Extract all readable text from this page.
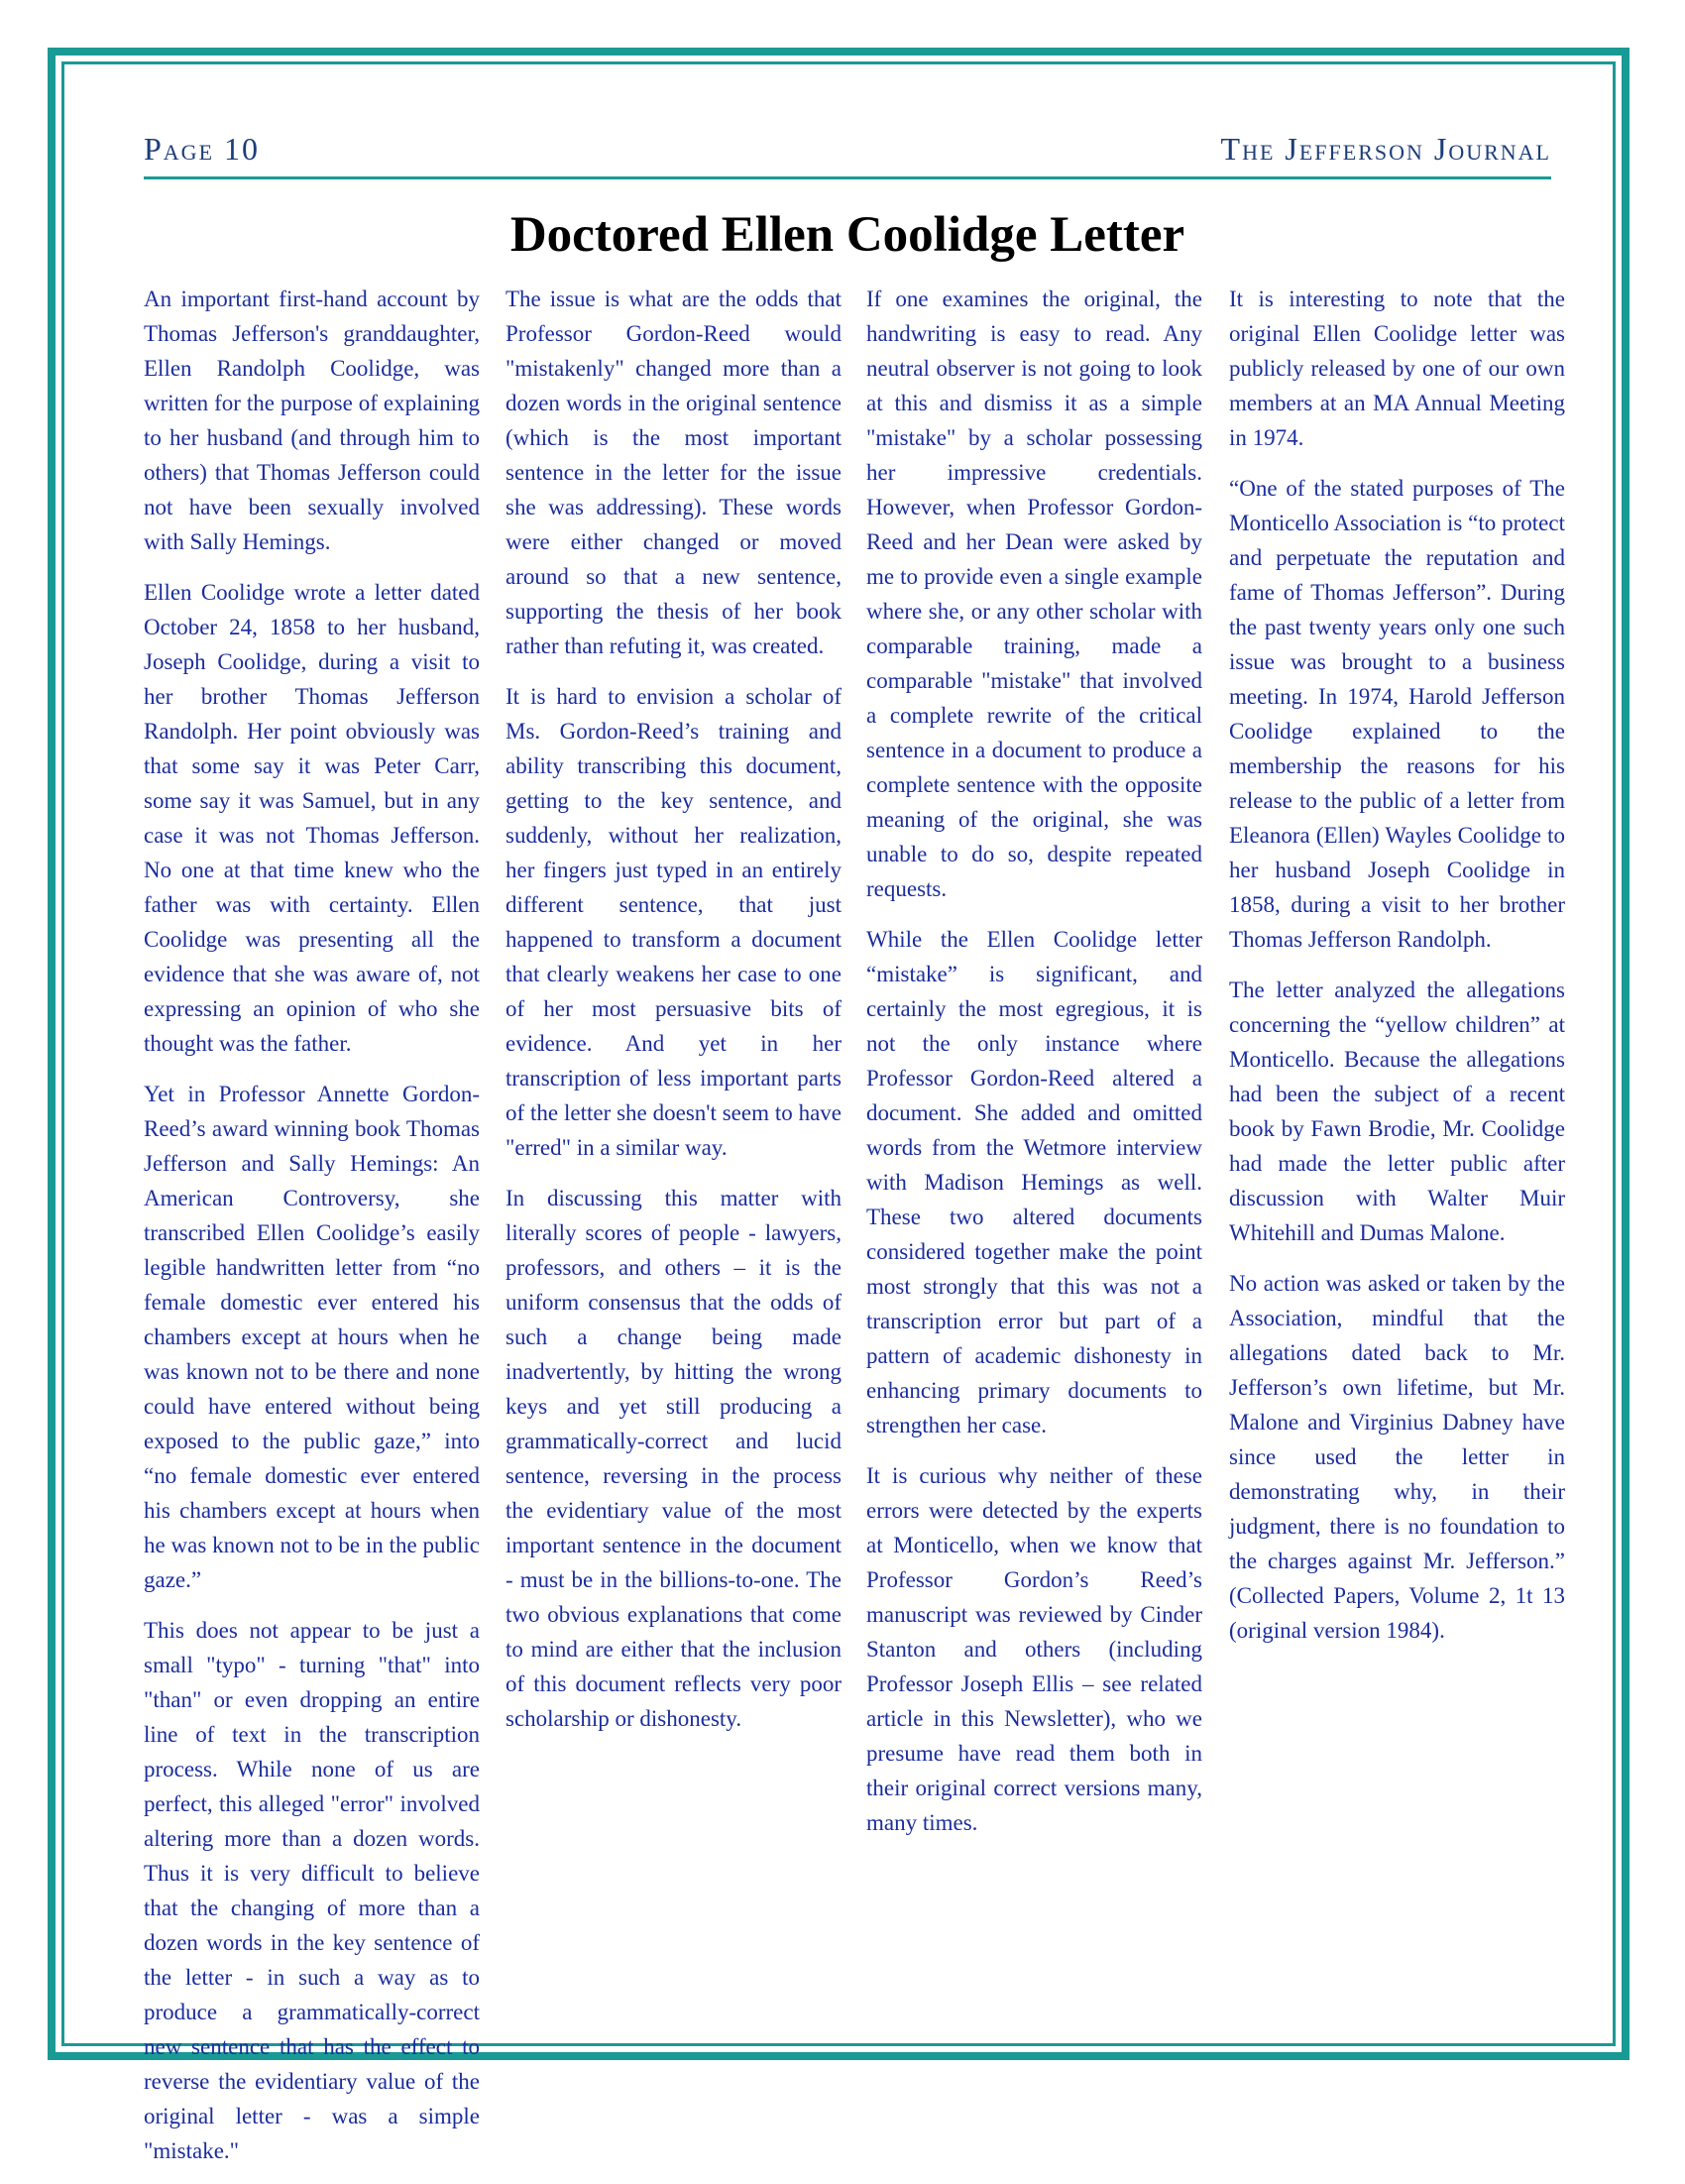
Page 10	The Jefferson Journal
Doctored Ellen Coolidge Letter

An important first-hand account by Thomas Jefferson's granddaughter, Ellen Randolph Coolidge, was written for the purpose of explaining to her husband (and through him to others) that Thomas Jefferson could not have been sexually involved with Sally Hemings.

Ellen Coolidge wrote a letter dated October 24, 1858 to her husband, Joseph Coolidge, during a visit to her brother Thomas Jefferson Randolph. Her point obviously was that some say it was Peter Carr, some say it was Samuel, but in any case it was not Thomas Jefferson. No one at that time knew who the father was with certainty. Ellen Coolidge was presenting all the evidence that she was aware of, not expressing an opinion of who she thought was the father.

Yet in Professor Annette Gordon-Reed’s award winning book Thomas Jefferson and Sally Hemings: An American Controversy, she transcribed Ellen Coolidge’s easily legible handwritten letter from “no female domestic ever entered his chambers except at hours when he was known not to be there and none could have entered without being exposed to the public gaze,” into “no female domestic ever entered his chambers except at hours when he was known not to be in the public gaze.”

This does not appear to be just a small "typo" - turning "that" into "than" or even dropping an entire line of text in the transcription process. While none of us are perfect, this alleged "error" involved altering more than a dozen words. Thus it is very difficult to believe that the changing of more than a dozen words in the key sentence of the letter - in such a way as to produce a grammatically-correct new sentence that has the effect to reverse the evidentiary value of the original letter - was a simple "mistake."

The issue is what are the odds that Professor Gordon-Reed would "mistakenly" changed more than a dozen words in the original sentence (which is the most important sentence in the letter for the issue she was addressing). These words were either changed or moved around so that a new sentence, supporting the thesis of her book rather than refuting it, was created.

It is hard to envision a scholar of Ms. Gordon-Reed’s training and ability transcribing this document, getting to the key sentence, and suddenly, without her realization, her fingers just typed in an entirely different sentence, that just happened to transform a document that clearly weakens her case to one of her most persuasive bits of evidence. And yet in her transcription of less important parts of the letter she doesn't seem to have "erred" in a similar way.

In discussing this matter with literally scores of people - lawyers, professors, and others – it is the uniform consensus that the odds of such a change being made inadvertently, by hitting the wrong keys and yet still producing a grammatically-correct and lucid sentence, reversing in the process the evidentiary value of the most important sentence in the document - must be in the billions-to-one. The two obvious explanations that come to mind are either that the inclusion of this document reflects very poor scholarship or dishonesty.

If one examines the original, the handwriting is easy to read. Any neutral observer is not going to look at this and dismiss it as a simple "mistake" by a scholar possessing her impressive credentials. However, when Professor Gordon-Reed and her Dean were asked by me to provide even a single example where she, or any other scholar with comparable training, made a comparable "mistake" that involved a complete rewrite of the critical sentence in a document to produce a complete sentence with the opposite meaning of the original, she was unable to do so, despite repeated requests.

While the Ellen Coolidge letter “mistake” is significant, and certainly the most egregious, it is not the only instance where Professor Gordon-Reed altered a document. She added and omitted words from the Wetmore interview with Madison Hemings as well. These two altered documents considered together make the point most strongly that this was not a transcription error but part of a pattern of academic dishonesty in enhancing primary documents to strengthen her case.

It is curious why neither of these errors were detected by the experts at Monticello, when we know that Professor Gordon’s Reed’s manuscript was reviewed by Cinder Stanton and others (including Professor Joseph Ellis – see related article in this Newsletter), who we presume have read them both in their original correct versions many, many times.

It is interesting to note that the original Ellen Coolidge letter was publicly released by one of our own members at an MA Annual Meeting in 1974.

“One of the stated purposes of The Monticello Association is “to protect and perpetuate the reputation and fame of Thomas Jefferson”. During the past twenty years only one such issue was brought to a business meeting. In 1974, Harold Jefferson Coolidge explained to the membership the reasons for his release to the public of a letter from Eleanora (Ellen) Wayles Coolidge to her husband Joseph Coolidge in 1858, during a visit to her brother Thomas Jefferson Randolph.

The letter analyzed the allegations concerning the “yellow children” at Monticello. Because the allegations had been the subject of a recent book by Fawn Brodie, Mr. Coolidge had made the letter public after discussion with Walter Muir Whitehill and Dumas Malone.

No action was asked or taken by the Association, mindful that the allegations dated back to Mr. Jefferson’s own lifetime, but Mr. Malone and Virginius Dabney have since used the letter in demonstrating why, in their judgment, there is no foundation to the charges against Mr. Jefferson.” (Collected Papers, Volume 2, 1t 13 (original version 1984).
